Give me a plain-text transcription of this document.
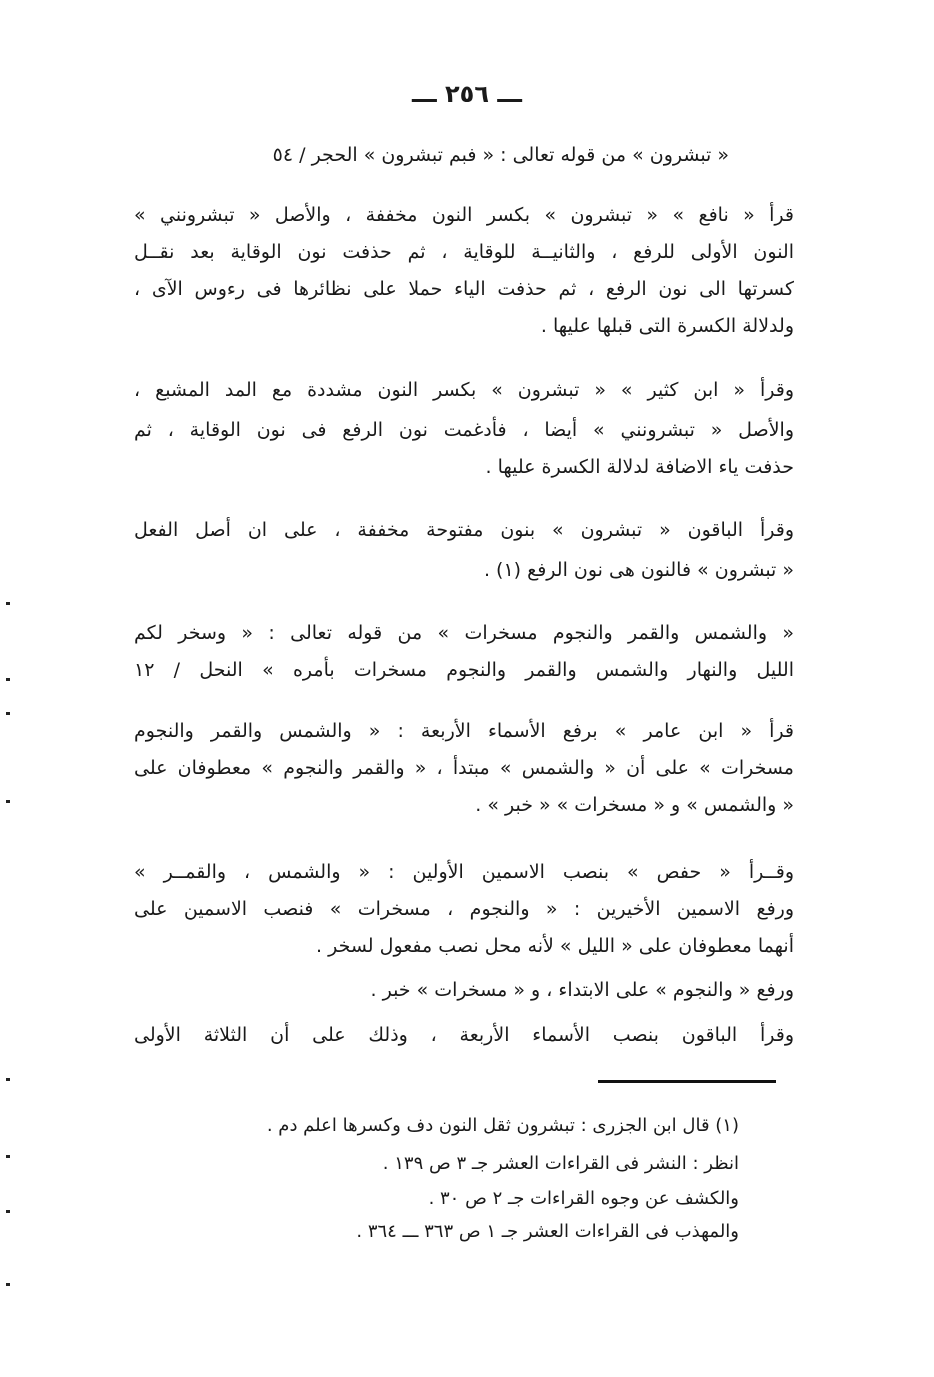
ـــ ٢٥٦ ـــ
« تبشرون » من قوله تعالى : « فبم تبشرون » الحجر / ٥٤
قرأ « نافع » « تبشرون » بكسر النون مخففة ، والأصل « تبشرونني »
النون الأولى للرفع ، والثانيــة للوقاية ، ثم حذفت نون الوقاية بعد نقــل
كسرتها الى نون الرفع ، ثم حذفت الياء حملا على نظائرها فى رءوس الآى ،
ولدلالة الكسرة التى قبلها عليها .
وقرأ « ابن كثير » « تبشرون » بكسر النون مشددة مع المد المشبع ،
والأصل « تبشرونني » أيضا ، فأدغمت نون الرفع فى نون الوقاية ، ثم
حذفت ياء الاضافة لدلالة الكسرة عليها .
وقرأ الباقون « تبشرون » بنون مفتوحة مخففة ، على ان أصل الفعل
« تبشرون » فالنون هى نون الرفع (١) .
« والشمس والقمر والنجوم مسخرات » من قوله تعالى : « وسخر لكم
الليل والنهار والشمس والقمر والنجوم مسخرات بأمره » النحل / ١٢
قرأ « ابن عامر » برفع الأسماء الأربعة : « والشمس والقمر والنجوم
مسخرات » على أن « والشمس » مبتدأ ، « والقمر والنجوم » معطوفان على
« والشمس » و « مسخرات » « خبر » .
وقــرأ « حفص » بنصب الاسمين الأولين : « والشمس ، والقمــر »
ورفع الاسمين الأخيرين : « والنجوم ، مسخرات » فنصب الاسمين على
أنهما معطوفان على « الليل » لأنه محل نصب مفعول لسخر .
ورفع « والنجوم » على الابتداء ، و « مسخرات » خبر .
وقرأ الباقون بنصب الأسماء الأربعة ، وذلك على أن الثلاثة الأولى
(١) قال ابن الجزرى : تبشرون ثقل النون دف وكسرها اعلم دم .
انظر : النشر فى القراءات العشر جـ ٣ ص ١٣٩ .
والكشف عن وجوه القراءات جـ ٢ ص ٣٠ .
والمهذب فى القراءات العشر جـ ١ ص ٣٦٣ ـــ ٣٦٤ .
